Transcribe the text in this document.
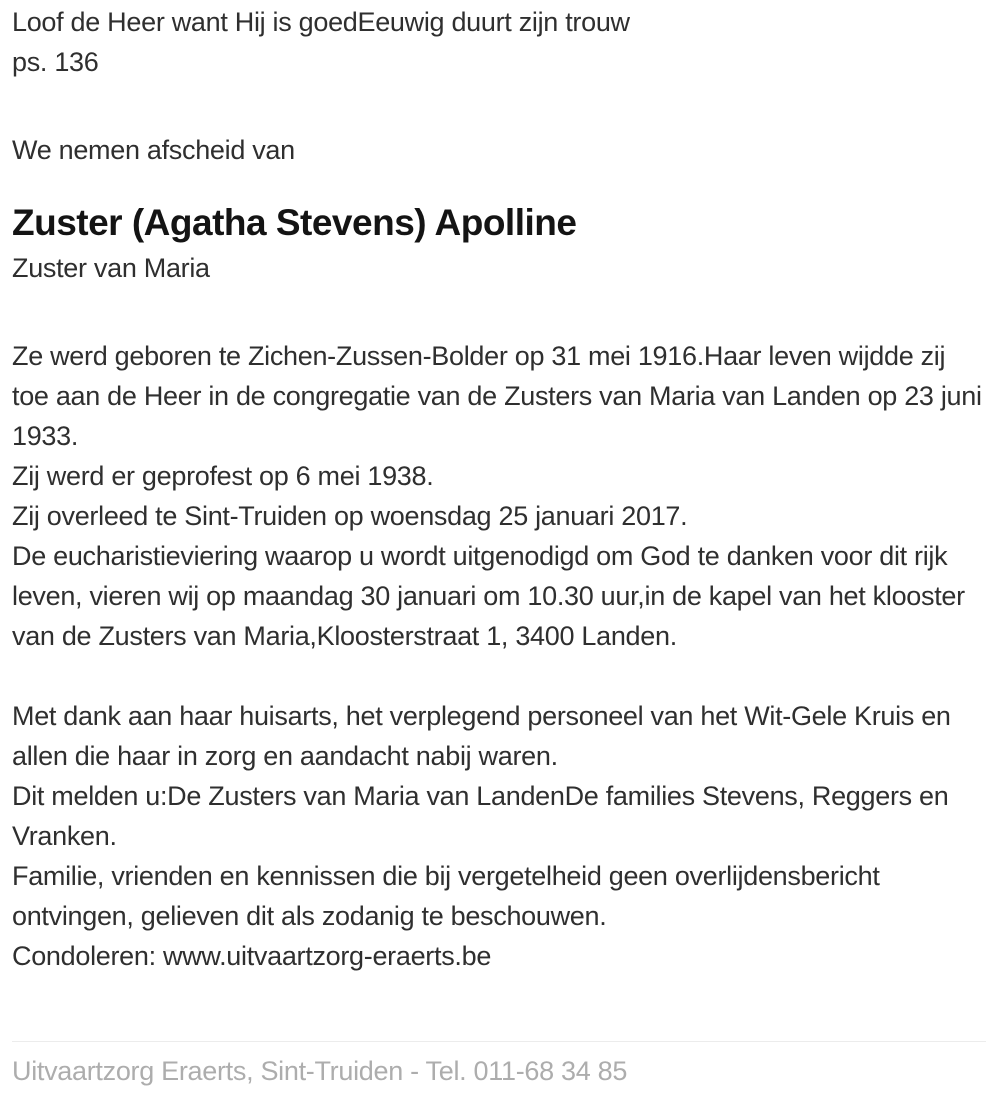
Loof de Heer want Hij is goedEeuwig duurt zijn trouw
ps. 136
We nemen afscheid van
Zuster (Agatha Stevens) Apolline
Zuster van Maria
Ze werd geboren te Zichen-Zussen-Bolder op 31 mei 1916.Haar leven wijdde zij toe aan de Heer in de congregatie van de Zusters van Maria van Landen op 23 juni 1933.
Zij werd er geprofest op 6 mei 1938.
Zij overleed te Sint-Truiden op woensdag 25 januari 2017.
De eucharistieviering waarop u wordt uitgenodigd om God te danken voor dit rijk leven, vieren wij op maandag 30 januari om 10.30 uur,in de kapel van het klooster van de Zusters van Maria,Kloosterstraat 1, 3400 Landen.
Met dank aan haar huisarts, het verplegend personeel van het Wit-Gele Kruis en allen die haar in zorg en aandacht nabij waren.
Dit melden u:De Zusters van Maria van LandenDe families Stevens, Reggers en Vranken.
Familie, vrienden en kennissen die bij vergetelheid geen overlijdensbericht ontvingen, gelieven dit als zodanig te beschouwen.
Condoleren: www.uitvaartzorg-eraerts.be
Uitvaartzorg Eraerts, Sint-Truiden - Tel. 011-68 34 85
